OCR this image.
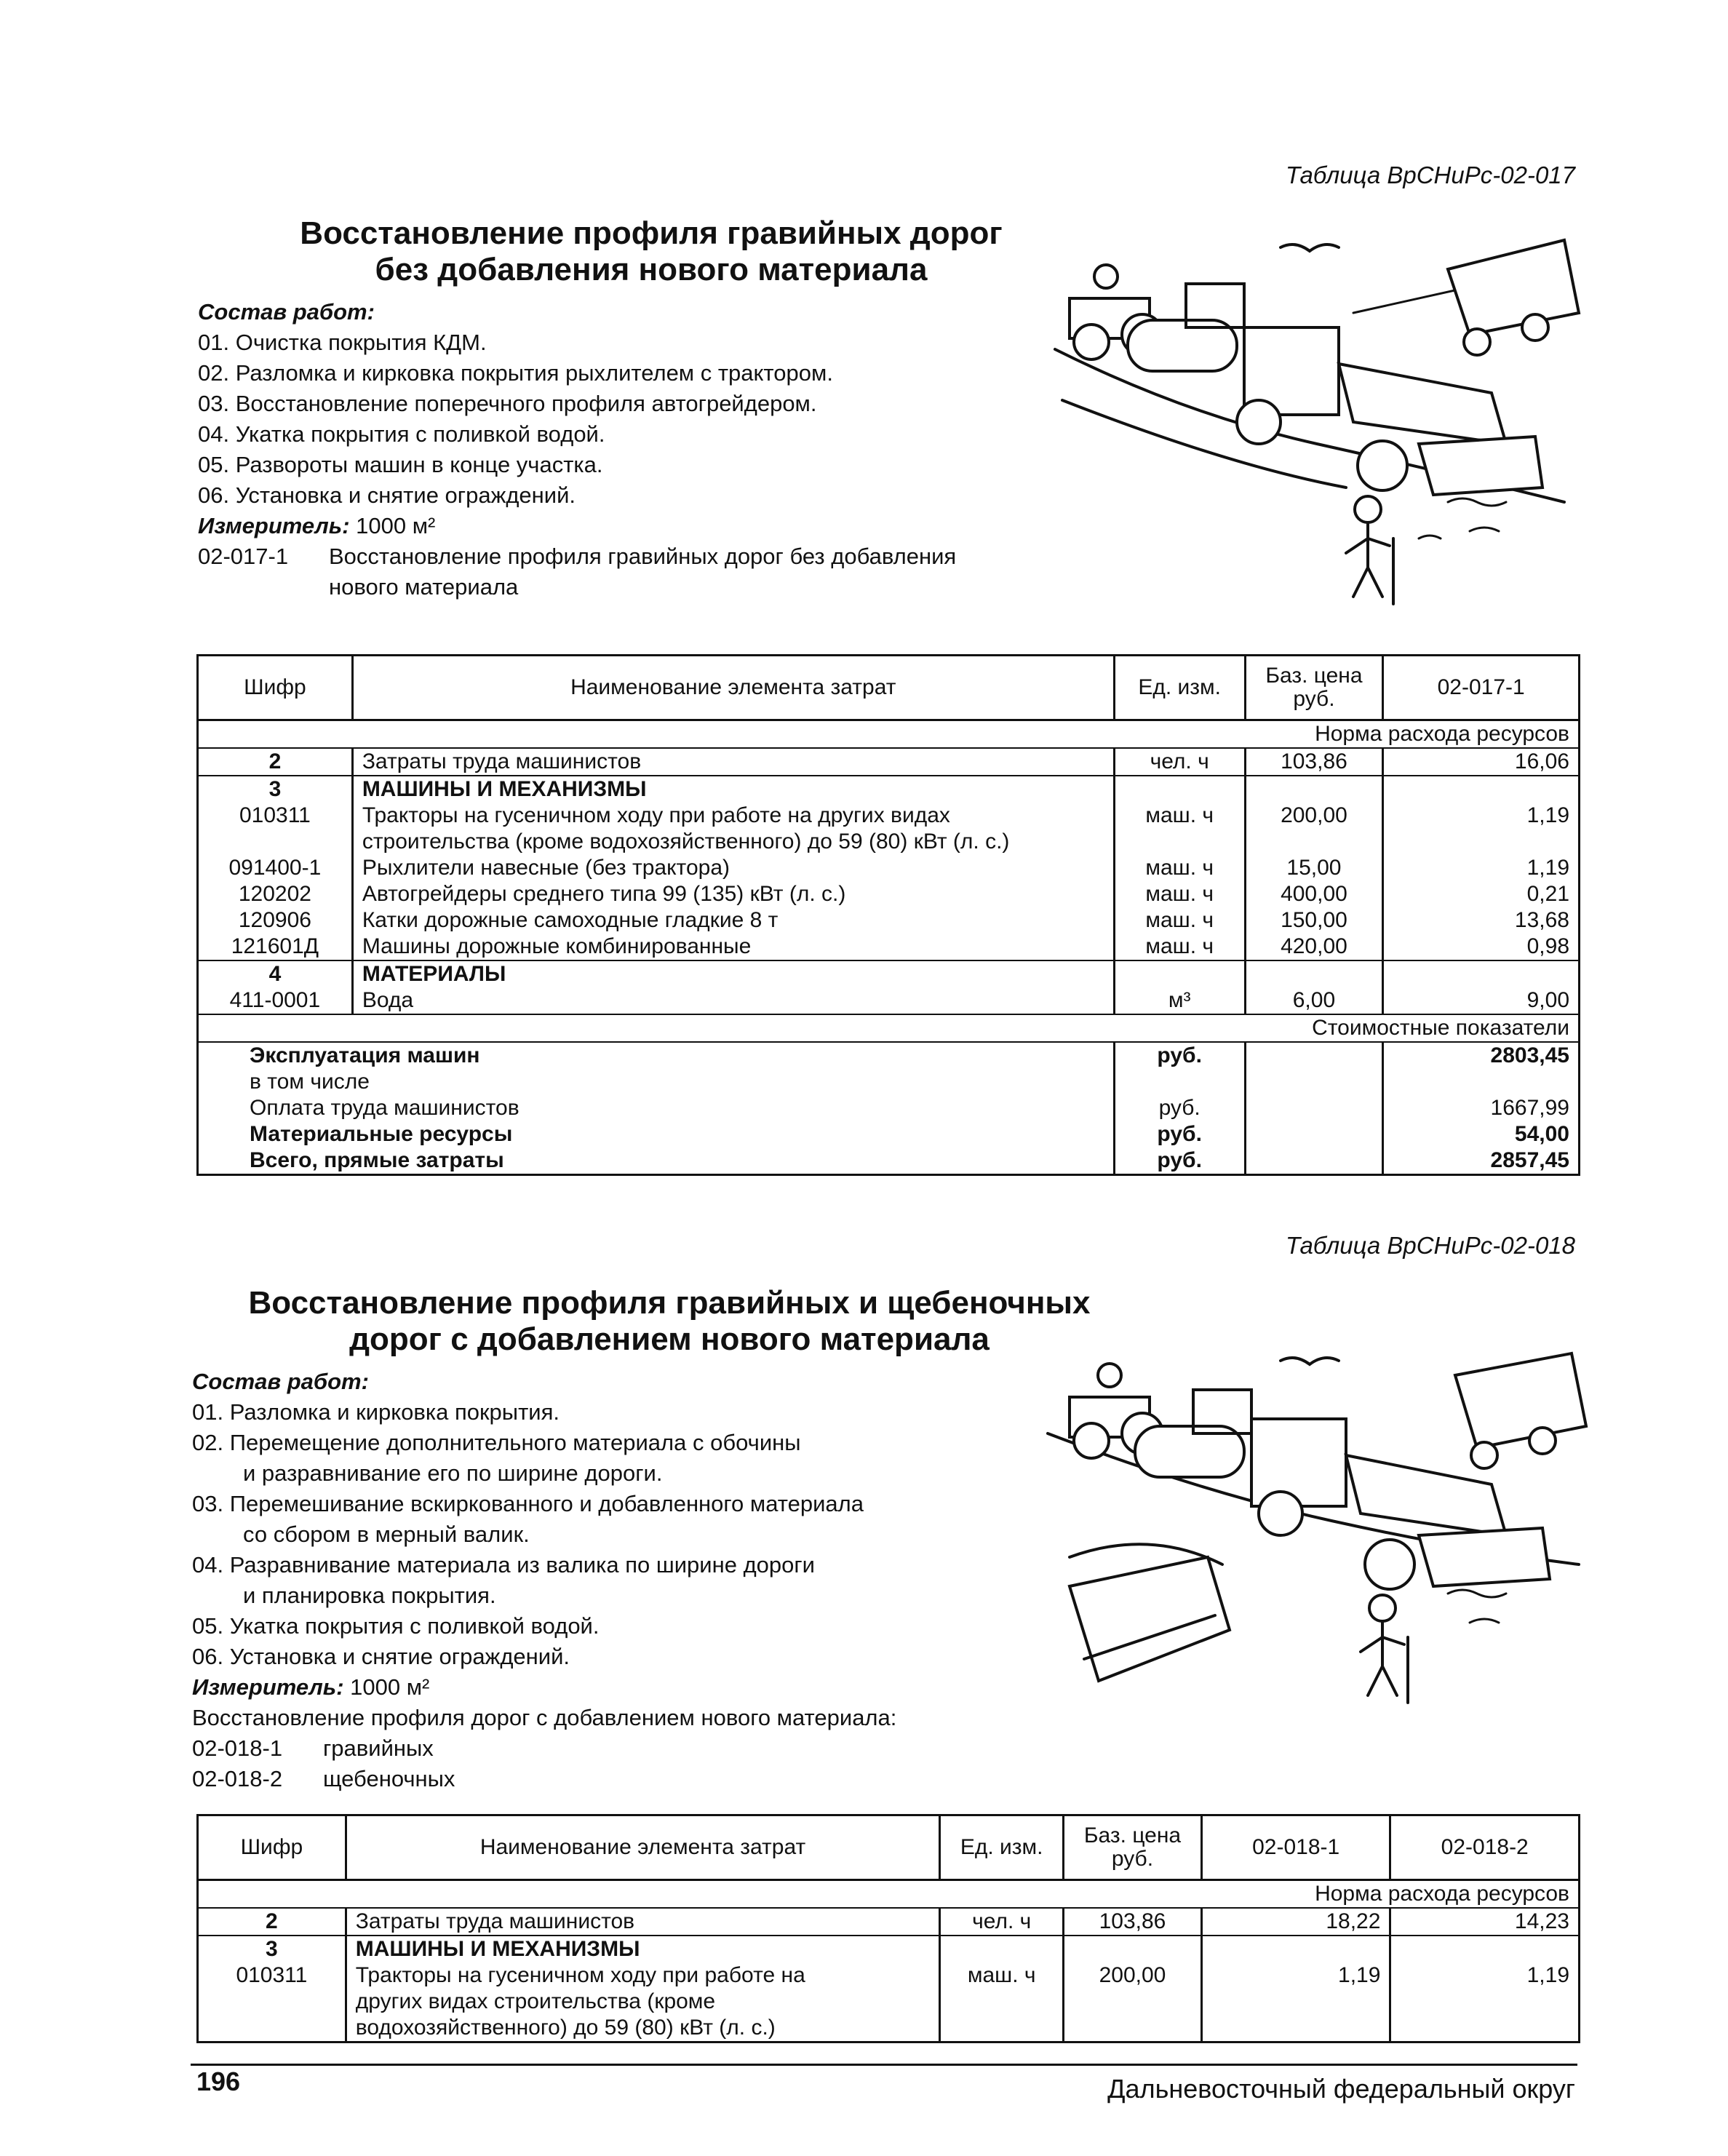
Таблица ВрСНиРс-02-017
Восстановление профиля гравийных дорог
без добавления нового материала
Состав работ:
01. Очистка покрытия КДМ.
02. Разломка и кирковка покрытия рыхлителем с трактором.
03. Восстановление поперечного профиля автогрейдером.
04. Укатка покрытия с поливкой водой.
05. Развороты машин в конце участка.
06. Установка и снятие ограждений.
Измеритель: 1000 м²
02-017-1	Восстановление профиля гравийных дорог без добавления
нового материала
Шифр	Наименование элемента затрат	Ед. изм.	Баз. цена руб.	02-017-1
Норма расхода ресурсов				
2	Затраты труда машинистов	чел. ч	103,86	16,06
3	МАШИНЫ И МЕХАНИЗМЫ			
010311	Тракторы на гусеничном ходу при работе на других видах
строительства (кроме водохозяйственного) до 59 (80) кВт (л. с.)	маш. ч	200,00	1,19
091400-1	Рыхлители навесные (без трактора)	маш. ч	15,00	1,19
120202	Автогрейдеры среднего типа 99 (135) кВт (л. с.)	маш. ч	400,00	0,21
120906	Катки дорожные самоходные гладкие 8 т	маш. ч	150,00	13,68
121601Д	Машины дорожные комбинированные	маш. ч	420,00	0,98
4	МАТЕРИАЛЫ			
411-0001	Вода	м³	6,00	9,00
Стоимостные показатели				
Эксплуатация машин		руб.		2803,45
в том числе				
Оплата труда машинистов		руб.		1667,99
Материальные ресурсы		руб.		54,00
Всего, прямые затраты		руб.		2857,45
Таблица ВрСНиРс-02-018
Восстановление профиля гравийных и щебеночных
дорог с добавлением нового материала
Состав работ:
01. Разломка и кирковка покрытия.
02. Перемещение дополнительного материала с обочины
и разравнивание его по ширине дороги.
03. Перемешивание вскиркованного и добавленного материала
со сбором в мерный валик.
04. Разравнивание материала из валика по ширине дороги
и планировка покрытия.
05. Укатка покрытия с поливкой водой.
06. Установка и снятие ограждений.
Измеритель: 1000 м²
Восстановление профиля дорог с добавлением нового материала:
02-018-1	гравийных
02-018-2	щебеночных
Шифр	Наименование элемента затрат	Ед. изм.	Баз. цена руб.	02-018-1	02-018-2
Норма расхода ресурсов					
2	Затраты труда машинистов	чел. ч	103,86	18,22	14,23
3	МАШИНЫ И МЕХАНИЗМЫ				
010311	Тракторы на гусеничном ходу при работе на
других видах строительства (кроме
водохозяйственного) до 59 (80) кВт (л. с.)	маш. ч	200,00	1,19	1,19
196	Дальневосточный федеральный округ
